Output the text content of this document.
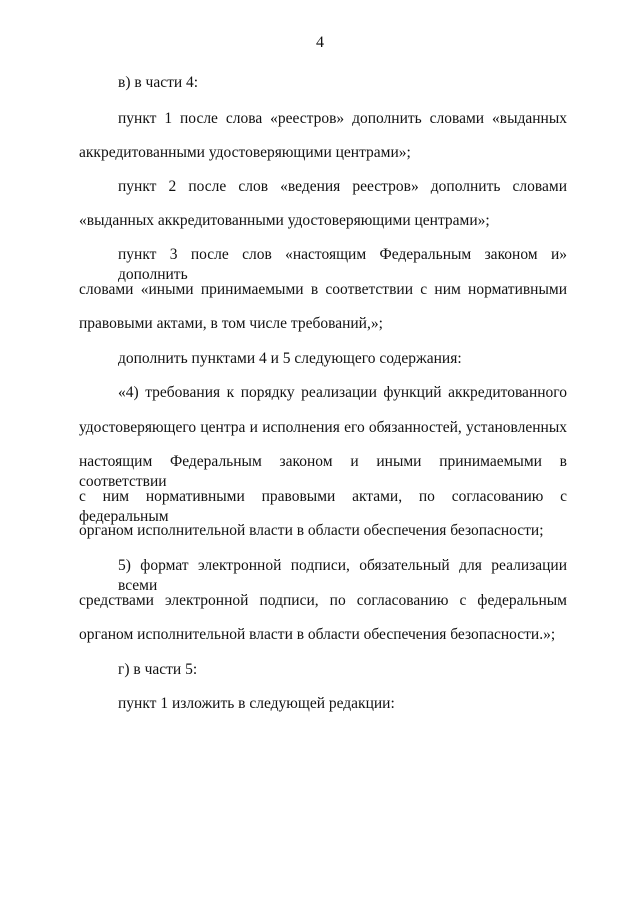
4
в) в части 4:
пункт 1 после слова «реестров» дополнить словами «выданных
аккредитованными удостоверяющими центрами»;
пункт 2 после слов «ведения реестров» дополнить словами
«выданных аккредитованными удостоверяющими центрами»;
пункт 3 после слов «настоящим Федеральным законом и» дополнить
словами «иными принимаемыми в соответствии с ним нормативными
правовыми актами, в том числе требований,»;
дополнить пунктами 4 и 5 следующего содержания:
«4) требования к порядку реализации функций аккредитованного
удостоверяющего центра и исполнения его обязанностей, установленных
настоящим Федеральным законом и иными принимаемыми в соответствии
с ним нормативными правовыми актами, по согласованию с федеральным
органом исполнительной власти в области обеспечения безопасности;
5) формат электронной подписи, обязательный для реализации всеми
средствами электронной подписи, по согласованию с федеральным
органом исполнительной власти в области обеспечения безопасности.»;
г) в части 5:
пункт 1 изложить в следующей редакции:
